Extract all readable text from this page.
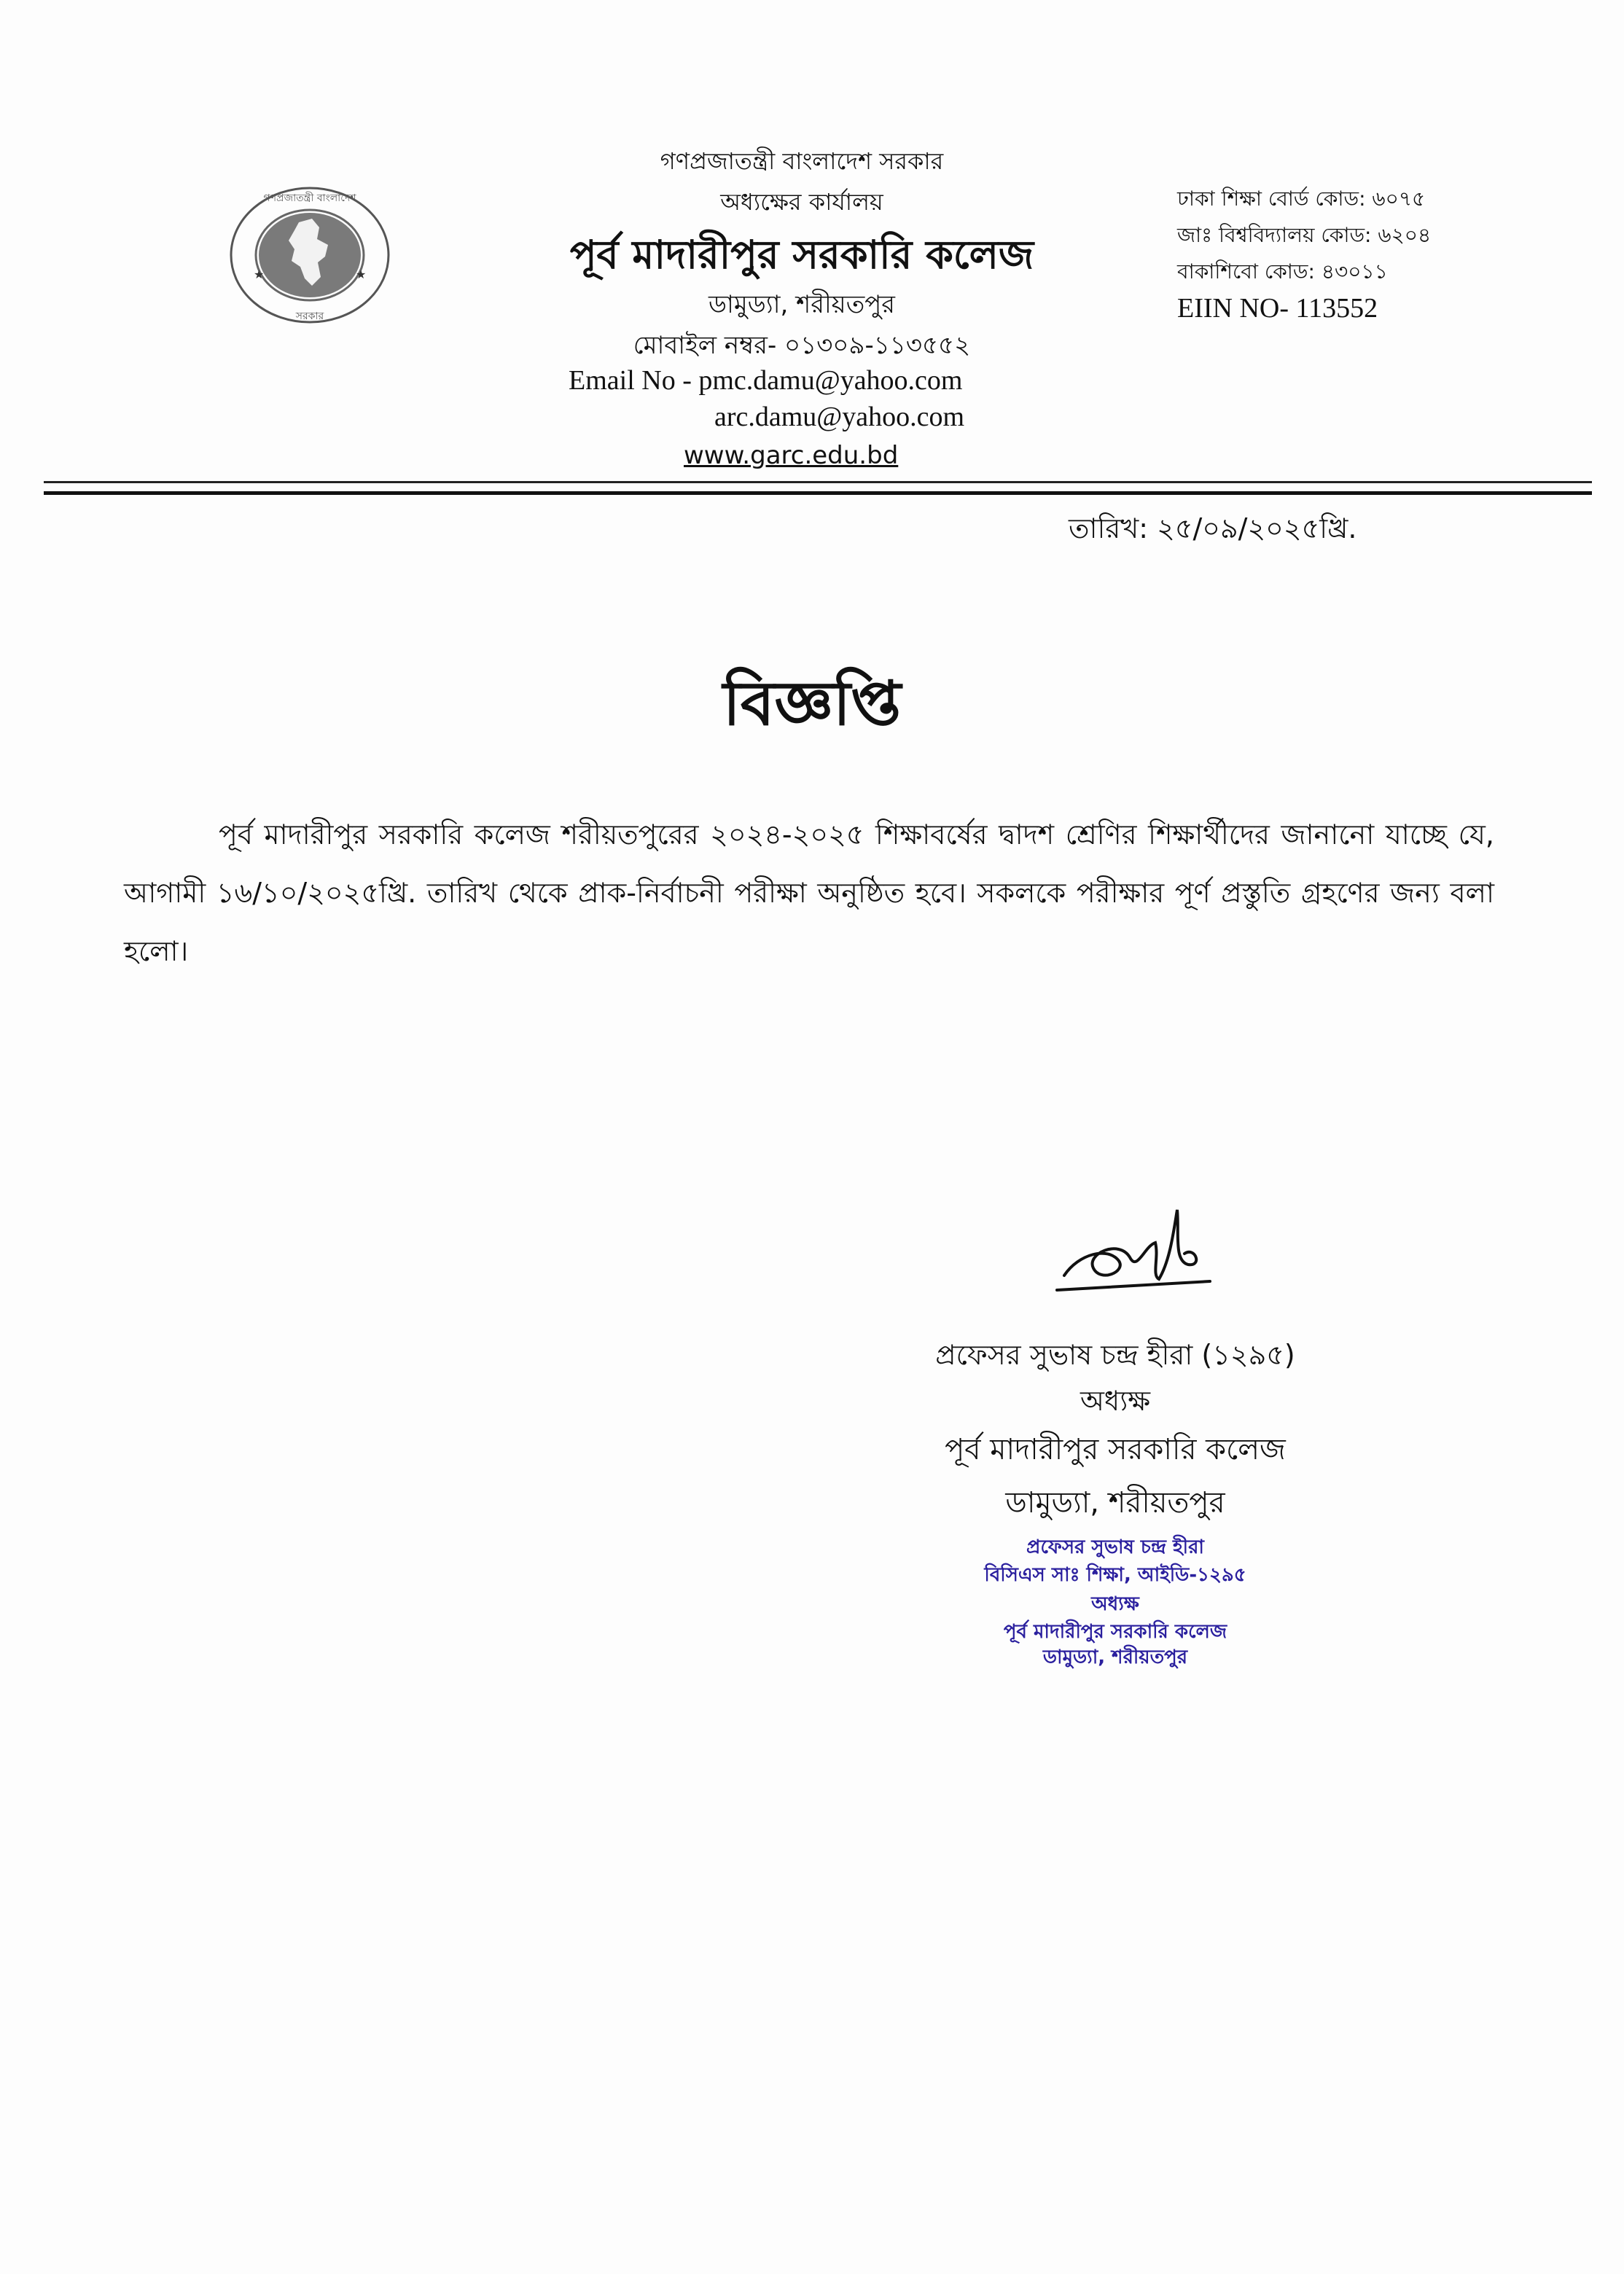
★	★
গণপ্রজাতন্ত্রী বাংলাদেশ
সরকার
গণপ্রজাতন্ত্রী বাংলাদেশ সরকার
অধ্যক্ষের কার্যালয়
পূর্ব মাদারীপুর সরকারি কলেজ
ডামুড্যা, শরীয়তপুর
মোবাইল নম্বর- ০১৩০৯-১১৩৫৫২
Email No - pmc.damu@yahoo.com
arc.damu@yahoo.com
www.garc.edu.bd
ঢাকা শিক্ষা বোর্ড কোড: ৬০৭৫
জাঃ বিশ্ববিদ্যালয় কোড: ৬২০৪
বাকাশিবো কোড: ৪৩০১১
EIIN NO- 113552
তারিখ: ২৫/০৯/২০২৫খ্রি.
বিজ্ঞপ্তি
পূর্ব মাদারীপুর সরকারি কলেজ শরীয়তপুরের ২০২৪-২০২৫ শিক্ষাবর্ষের দ্বাদশ শ্রেণির শিক্ষার্থীদের জানানো যাচ্ছে যে, আগামী ১৬/১০/২০২৫খ্রি. তারিখ থেকে প্রাক-নির্বাচনী পরীক্ষা অনুষ্ঠিত হবে। সকলকে পরীক্ষার পূর্ণ প্রস্তুতি গ্রহণের জন্য বলা হলো।
প্রফেসর সুভাষ চন্দ্র হীরা (১২৯৫)
অধ্যক্ষ
পূর্ব মাদারীপুর সরকারি কলেজ
ডামুড্যা, শরীয়তপুর
প্রফেসর সুভাষ চন্দ্র হীরা
বিসিএস সাঃ শিক্ষা, আইডি-১২৯৫
অধ্যক্ষ
পূর্ব মাদারীপুর সরকারি কলেজ
ডামুড্যা, শরীয়তপুর
